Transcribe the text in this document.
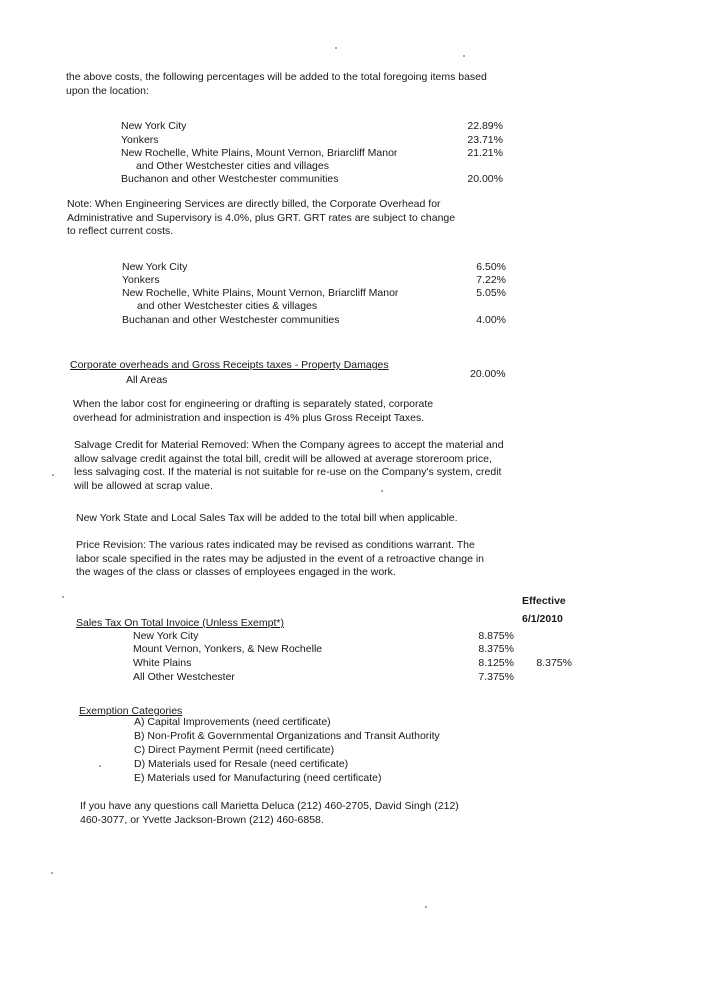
the above costs, the following percentages will be added to the total foregoing items based upon the location:
New York City	22.89%
Yonkers	23.71%
New Rochelle, White Plains, Mount Vernon, Briarcliff Manor	21.21%
and Other Westchester cities and villages
Buchanon and other Westchester communities	20.00%
Note: When Engineering Services are directly billed, the Corporate Overhead for Administrative and Supervisory is 4.0%, plus GRT. GRT rates are subject to change to reflect current costs.
New York City	6.50%
Yonkers	7.22%
New Rochelle, White Plains, Mount Vernon, Briarcliff Manor	5.05%
and other Westchester cities & villages
Buchanan and other Westchester communities	4.00%
Corporate overheads and Gross Receipts taxes - Property Damages
All Areas	20.00%
When the labor cost for engineering or drafting is separately stated, corporate overhead for administration and inspection is 4% plus Gross Receipt Taxes.
Salvage Credit for Material Removed: When the Company agrees to accept the material and allow salvage credit against the total bill, credit will be allowed at average storeroom price, less salvaging cost. If the material is not suitable for re-use on the Company's system, credit will be allowed at scrap value.
New York State and Local Sales Tax will be added to the total bill when applicable.
Price Revision: The various rates indicated may be revised as conditions warrant. The labor scale specified in the rates may be adjusted in the event of a retroactive change in the wages of the class or classes of employees engaged in the work.
Effective
6/1/2010
Sales Tax On Total Invoice (Unless Exempt*)
New York City	8.875%
Mount Vernon, Yonkers, & New Rochelle	8.375%
White Plains	8.125%	8.375%
All Other Westchester	7.375%
Exemption Categories
A) Capital Improvements (need certificate)
B) Non-Profit & Governmental Organizations and Transit Authority
C) Direct Payment Permit (need certificate)
D) Materials used for Resale (need certificate)
E) Materials used for Manufacturing (need certificate)
If you have any questions call Marietta Deluca (212) 460-2705, David Singh (212) 460-3077, or Yvette Jackson-Brown (212) 460-6858.
